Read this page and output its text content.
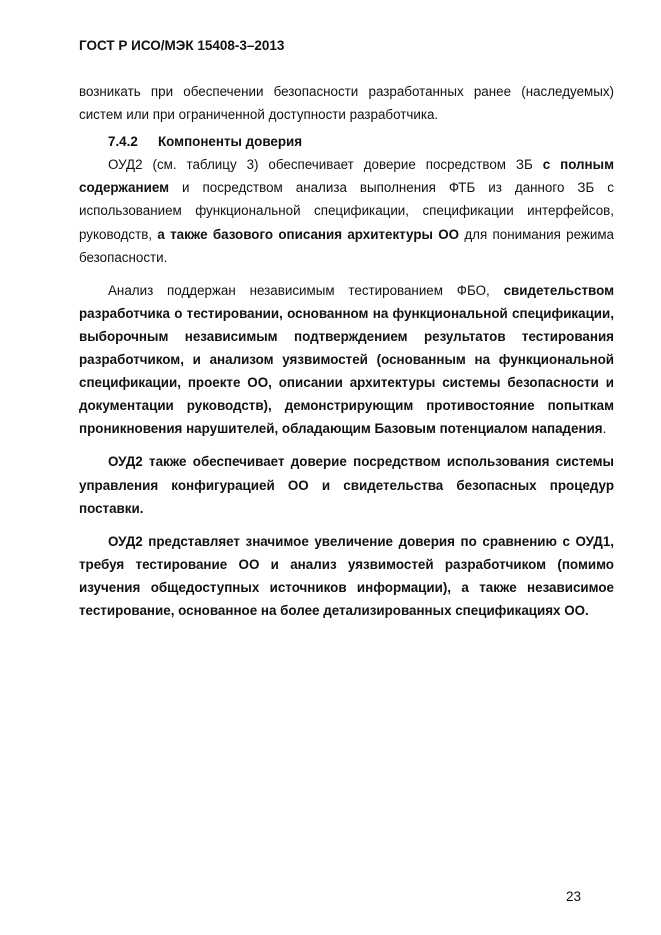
ГОСТ Р ИСО/МЭК 15408-3–2013

возникать при обеспечении безопасности разработанных ранее (наследуемых) систем или при ограниченной доступности разработчика.

7.4.2 Компоненты доверия

ОУД2 (см. таблицу 3) обеспечивает доверие посредством ЗБ с полным содержанием и посредством анализа выполнения ФТБ из данного ЗБ с использованием функциональной спецификации, спецификации интерфейсов, руководств, а также базового описания архитектуры ОО для понимания режима безопасности.

Анализ поддержан независимым тестированием ФБО, свидетельством разработчика о тестировании, основанном на функциональной спецификации, выборочным независимым подтверждением результатов тестирования разработчиком, и анализом уязвимостей (основанным на функциональной спецификации, проекте ОО, описании архитектуры системы безопасности и документации руководств), демонстрирующим противостояние попыткам проникновения нарушителей, обладающим Базовым потенциалом нападения.

ОУД2 также обеспечивает доверие посредством использования системы управления конфигурацией ОО и свидетельства безопасных процедур поставки.

ОУД2 представляет значимое увеличение доверия по сравнению с ОУД1, требуя тестирование ОО и анализ уязвимостей разработчиком (помимо изучения общедоступных источников информации), а также независимое тестирование, основанное на более детализированных спецификациях ОО.

23
